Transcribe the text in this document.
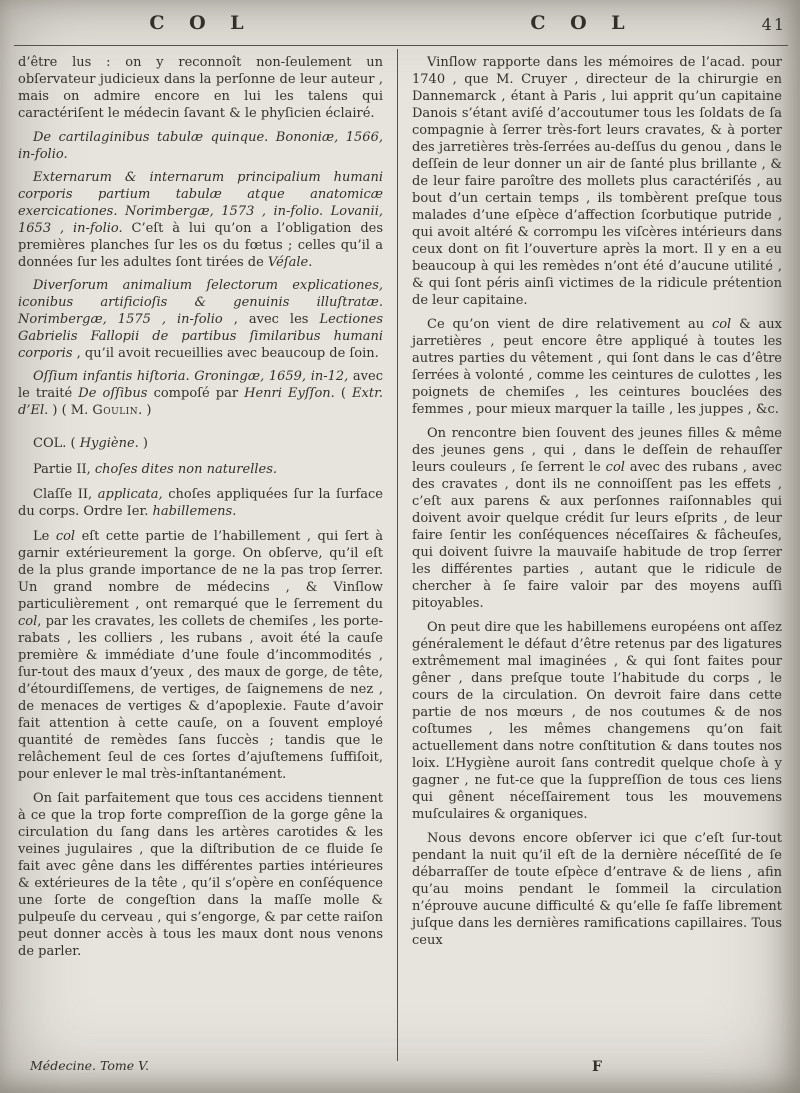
C O L	C O L	41

d’être lus : on y reconnoît non-ſeulement un obſervateur judicieux dans la perſonne de leur auteur , mais on admire encore en lui les talens qui caractériſent le médecin ſavant & le phyſicien éclairé.

De cartilaginibus tabulæ quinque. Bononiæ, 1566, in-folio.

Externarum & internarum principalium humani corporis partium tabulæ atque anatomicæ exercicationes. Norimbergæ, 1573 , in-folio. Lovanii, 1653 , in-folio. C’eſt à lui qu’on a l’obligation des premières planches ſur les os du fœtus ; celles qu’il a données ſur les adultes ſont tirées de Véſale.

Diverſorum animalium ſelectorum explicationes, iconibus artificioſis & genuinis illuſtratæ. Norimbergæ, 1575 , in-folio , avec les Lectiones Gabrielis Fallopii de partibus ſimilaribus humani corporis , qu’il avoit recueillies avec beaucoup de ſoin.

Oſſium infantis hiſtoria. Groningæ, 1659, in-12, avec le traité De oſſibus compoſé par Henri Eyſſon. ( Extr. d’El. ) ( M. Goulin. )

COL. ( Hygiène. )

Partie II, choſes dites non naturelles.

Claſſe II, applicata, choſes appliquées ſur la ſurface du corps. Ordre Ier. habillemens.

Le col eſt cette partie de l’habillement , qui ſert à garnir extérieurement la gorge. On obſerve, qu’il eſt de la plus grande importance de ne la pas trop ſerrer. Un grand nombre de médecins , & Vinſlow particulièrement , ont remarqué que le ſerrement du col, par les cravates, les collets de chemiſes , les porte-rabats , les colliers , les rubans , avoit été la cauſe première & immédiate d’une foule d’incommodités , ſur-tout des maux d’yeux , des maux de gorge, de tête, d’étourdiſſemens, de vertiges, de ſaignemens de nez , de menaces de vertiges & d’apoplexie. Faute d’avoir fait attention à cette cauſe, on a ſouvent employé quantité de remèdes ſans ſuccès ; tandis que le relâchement ſeul de ces ſortes d’ajuſtemens ſuffiſoit, pour enlever le mal très-inſtantanément.

On ſait parfaitement que tous ces accidens tiennent à ce que la trop forte compreſſion de la gorge gêne la circulation du ſang dans les artères carotides & les veines jugulaires , que la diſtribution de ce fluide ſe fait avec gêne dans les différentes parties intérieures & extérieures de la tête , qu’il s’opère en conſéquence une ſorte de congeſtion dans la maſſe molle & pulpeuſe du cerveau , qui s’engorge, & par cette raiſon peut donner accès à tous les maux dont nous venons de parler.

Vinſlow rapporte dans les mémoires de l’acad. pour 1740 , que M. Cruyer , directeur de la chirurgie en Dannemarck , étant à Paris , lui apprit qu’un capitaine Danois s’étant aviſé d’accoutumer tous les ſoldats de ſa compagnie à ſerrer très-fort leurs cravates, & à porter des jarretières très-ſerrées au-deſſus du genou , dans le deſſein de leur donner un air de ſanté plus brillante , & de leur faire paroître des mollets plus caractériſés , au bout d’un certain temps , ils tombèrent preſque tous malades d’une eſpèce d’affection ſcorbutique putride , qui avoit altéré & corrompu les viſcères intérieurs dans ceux dont on fit l’ouverture après la mort. Il y en a eu beaucoup à qui les remèdes n’ont été d’aucune utilité , & qui ſont péris ainſi victimes de la ridicule prétention de leur capitaine.

Ce qu’on vient de dire relativement au col & aux jarretières , peut encore être appliqué à toutes les autres parties du vêtement , qui ſont dans le cas d’être ſerrées à volonté , comme les ceintures de culottes , les poignets de chemiſes , les ceintures bouclées des femmes , pour mieux marquer la taille , les juppes , &c.

On rencontre bien ſouvent des jeunes filles & même des jeunes gens , qui , dans le deſſein de rehauſſer leurs couleurs , ſe ſerrent le col avec des rubans , avec des cravates , dont ils ne connoiſſent pas les effets , c’eſt aux parens & aux perſonnes raiſonnables qui doivent avoir quelque crédit ſur leurs eſprits , de leur faire ſentir les conſéquences néceſſaires & fâcheuſes, qui doivent ſuivre la mauvaiſe habitude de trop ſerrer les différentes parties , autant que le ridicule de chercher à ſe faire valoir par des moyens auſſi pitoyables.

On peut dire que les habillemens européens ont aſſez généralement le défaut d’être retenus par des ligatures extrêmement mal imaginées , & qui ſont faites pour gêner , dans preſque toute l’habitude du corps , le cours de la circulation. On devroit faire dans cette partie de nos mœurs , de nos coutumes & de nos coſtumes , les mêmes changemens qu’on fait actuellement dans notre conſtitution & dans toutes nos loix. L’Hygiène auroit ſans contredit quelque choſe à y gagner , ne fut-ce que la ſuppreſſion de tous ces liens qui gênent néceſſairement tous les mouvemens muſculaires & organiques.

Nous devons encore obſerver ici que c’eſt ſur-tout pendant la nuit qu’il eſt de la dernière néceſſité de ſe débarraſſer de toute eſpèce d’entrave & de liens , afin qu’au moins pendant le ſommeil la circulation n’éprouve aucune difficulté & qu’elle ſe faſſe librement juſque dans les dernières ramifications capillaires. Tous ceux

Médecine. Tome V.	F
